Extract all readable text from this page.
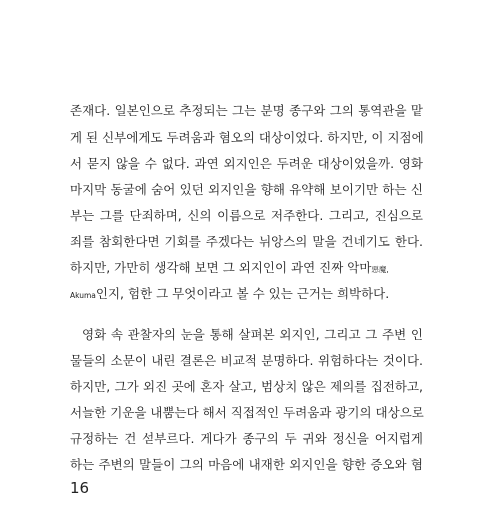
존재다. 일본인으로 추정되는 그는 분명 종구와 그의 통역관을 맡
게 된 신부에게도 두려움과 혐오의 대상이었다. 하지만, 이 지점에
서 묻지 않을 수 없다. 과연 외지인은 두려운 대상이었을까. 영화
마지막 동굴에 숨어 있던 외지인을 향해 유약해 보이기만 하는 신
부는 그를 단죄하며, 신의 이름으로 저주한다. 그리고, 진심으로
죄를 참회한다면 기회를 주겠다는 뉘앙스의 말을 건네기도 한다.
하지만, 가만히 생각해 보면 그 외지인이 과연 진짜 악마惡魔,
Akuma인지, 험한 그 무엇이라고 볼 수 있는 근거는 희박하다.
영화 속 관찰자의 눈을 통해 살펴본 외지인, 그리고 그 주변 인
물들의 소문이 내린 결론은 비교적 분명하다. 위험하다는 것이다.
하지만, 그가 외진 곳에 혼자 살고, 범상치 않은 제의를 집전하고,
서늘한 기운을 내뿜는다 해서 직접적인 두려움과 광기의 대상으로
규정하는 건 섣부르다. 게다가 종구의 두 귀와 정신을 어지럽게
하는 주변의 말들이 그의 마음에 내재한 외지인을 향한 증오와 혐
16
